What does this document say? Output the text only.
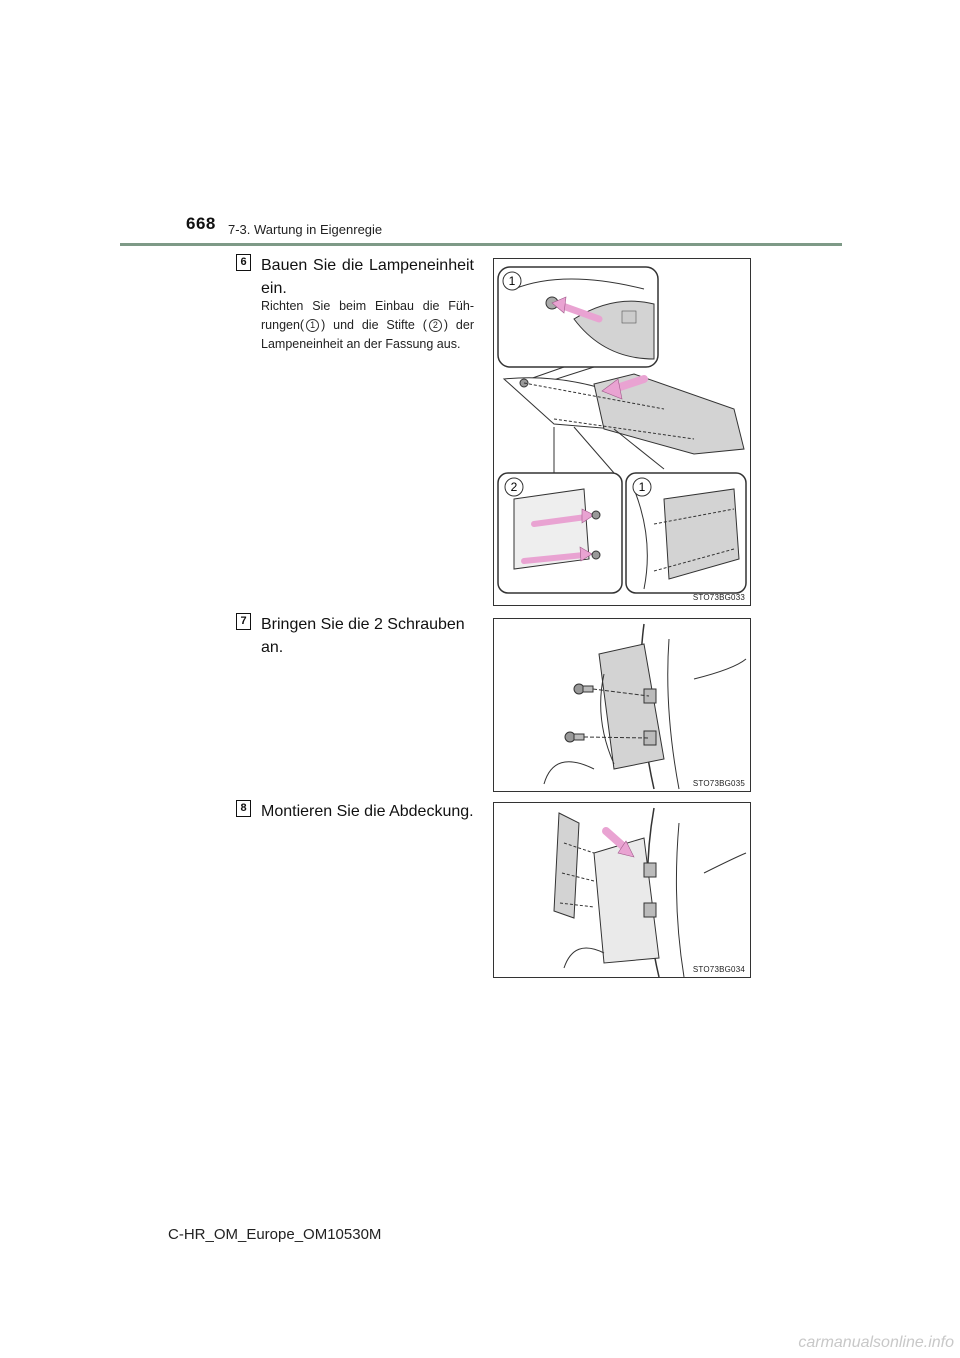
668 7-3. Wartung in Eigenregie
6 Bauen Sie die Lampeneinheit
ein.
Richten Sie beim Einbau die Füh-rungen( 1 ) und die Stifte ( 2 ) der Lampeneinheit an der Fassung aus.
1
2	1
STO73BG033
7 Bringen Sie die 2 Schrauben an.
STO73BG035
8 Montieren Sie die Abdeckung.
STO73BG034
C-HR_OM_Europe_OM10530M
carmanualsonline.info
